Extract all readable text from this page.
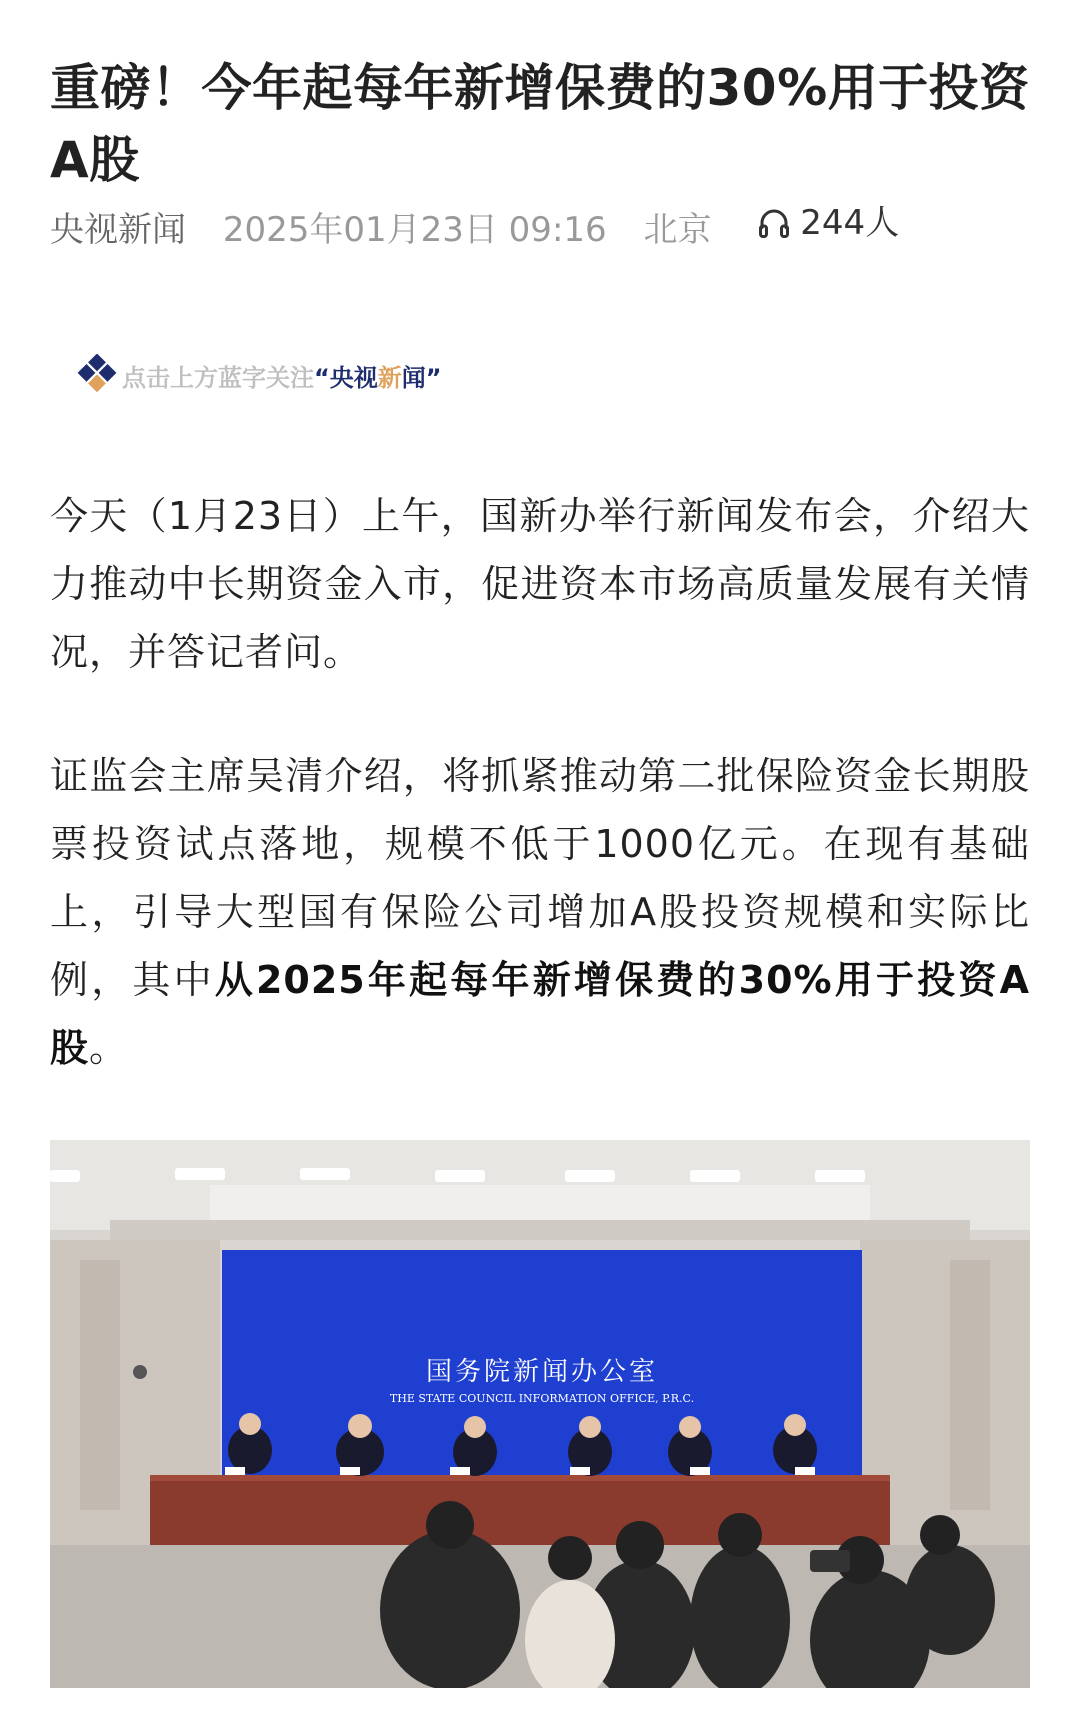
重磅！今年起每年新增保费的30%用于投资A股
央视新闻 2025年01月23日 09:16 北京	244人
点击上方蓝字关注 “央视新闻”

今天（1月23日）上午，国新办举行新闻发布会，介绍大力推动中长期资金入市，促进资本市场高质量发展有关情况，并答记者问。

证监会主席吴清介绍，将抓紧推动第二批保险资金长期股票投资试点落地，规模不低于1000亿元。在现有基础上，引导大型国有保险公司增加A股投资规模和实际比例，其中从2025年起每年新增保费的30%用于投资A股。

国务院新闻办公室
THE STATE COUNCIL INFORMATION OFFICE, P.R.C.
